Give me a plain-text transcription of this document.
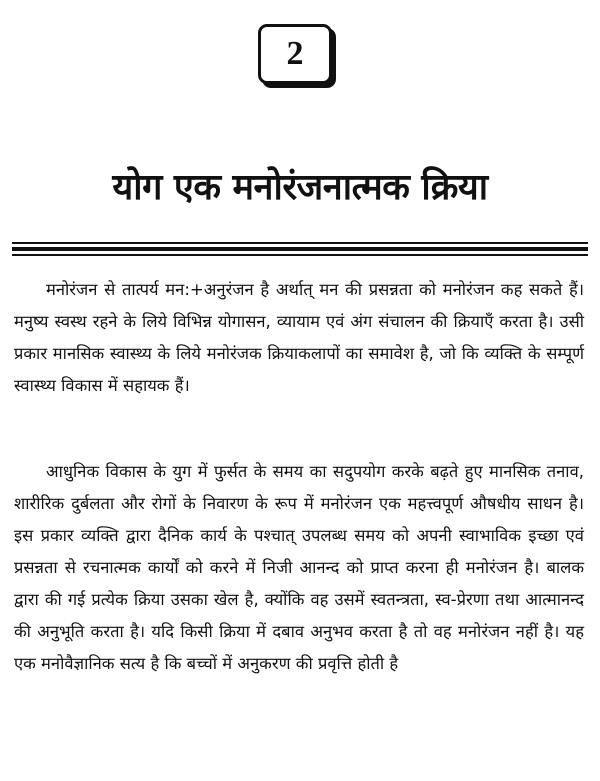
2
योग एक मनोरंजनात्मक क्रिया

मनोरंजन से तात्पर्य मन:+अनुरंजन है अर्थात् मन की प्रसन्नता को मनोरंजन कह सकते हैं। मनुष्य स्वस्थ रहने के लिये विभिन्न योगासन, व्यायाम एवं अंग संचालन की क्रियाएँ करता है। उसी प्रकार मानसिक स्वास्थ्य के लिये मनोरंजक क्रियाकलापों का समावेश है, जो कि व्यक्ति के सम्पूर्ण स्वास्थ्य विकास में सहायक हैं।

आधुनिक विकास के युग में फुर्सत के समय का सदुपयोग करके बढ़ते हुए मानसिक तनाव, शारीरिक दुर्बलता और रोगों के निवारण के रूप में मनोरंजन एक महत्त्वपूर्ण औषधीय साधन है। इस प्रकार व्यक्ति द्वारा दैनिक कार्य के पश्चात् उपलब्ध समय को अपनी स्वाभाविक इच्छा एवं प्रसन्नता से रचनात्मक कार्यों को करने में निजी आनन्द को प्राप्त करना ही मनोरंजन है। बालक द्वारा की गई प्रत्येक क्रिया उसका खेल है, क्योंकि वह उसमें स्वतन्त्रता, स्व-प्रेरणा तथा आत्मानन्द की अनुभूति करता है। यदि किसी क्रिया में दबाव अनुभव करता है तो वह मनोरंजन नहीं है। यह एक मनोवैज्ञानिक सत्य है कि बच्चों में अनुकरण की प्रवृत्ति होती है
